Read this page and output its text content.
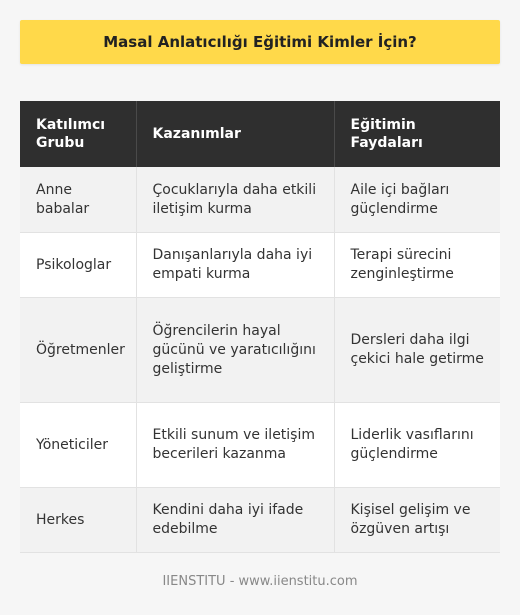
Masal Anlatıcılığı Eğitimi Kimler İçin?
Katılımcı Grubu	Kazanımlar	Eğitimin Faydaları
Anne babalar	Çocuklarıyla daha etkili iletişim kurma	Aile içi bağları güçlendirme
Psikologlar	Danışanlarıyla daha iyi empati kurma	Terapi sürecini zenginleştirme
Öğretmenler	Öğrencilerin hayal gücünü ve yaratıcılığını geliştirme	Dersleri daha ilgi çekici hale getirme
Yöneticiler	Etkili sunum ve iletişim becerileri kazanma	Liderlik vasıflarını güçlendirme
Herkes	Kendini daha iyi ifade edebilme	Kişisel gelişim ve özgüven artışı
IIENSTITU - www.iienstitu.com
